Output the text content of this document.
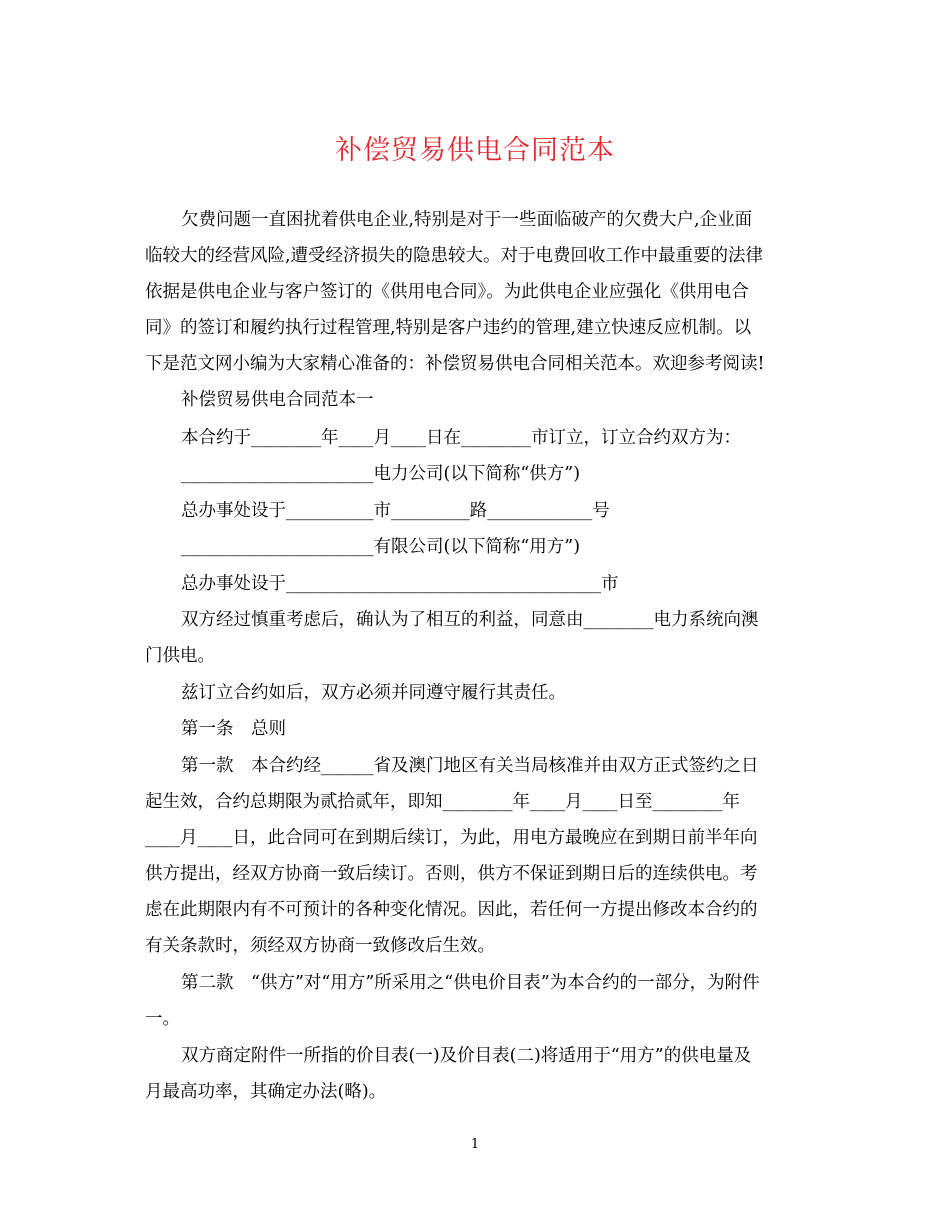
补偿贸易供电合同范本
欠费问题一直困扰着供电企业,特别是对于一些面临破产的欠费大户,企业面
临较大的经营风险,遭受经济损失的隐患较大。对于电费回收工作中最重要的法律
依据是供电企业与客户签订的《供用电合同》。为此供电企业应强化《供用电合
同》的签订和履约执行过程管理,特别是客户违约的管理,建立快速反应机制。以
下是范文网小编为大家精心准备的：补偿贸易供电合同相关范本。欢迎参考阅读!
补偿贸易供电合同范本一
本合约于________年____月____日在________市订立，订立合约双方为：
______________________电力公司(以下简称“供方”)
总办事处设于__________市_________路____________号
______________________有限公司(以下简称“用方”)
总办事处设于____________________________________市
双方经过慎重考虑后，确认为了相互的利益，同意由________电力系统向澳
门供电。
兹订立合约如后，双方必须并同遵守履行其责任。
第一条　总则
第一款　本合约经______省及澳门地区有关当局核准并由双方正式签约之日
起生效，合约总期限为贰拾贰年，即知________年____月____日至________年
____月____日，此合同可在到期后续订，为此，用电方最晚应在到期日前半年向
供方提出，经双方协商一致后续订。否则，供方不保证到期日后的连续供电。考
虑在此期限内有不可预计的各种变化情况。因此，若任何一方提出修改本合约的
有关条款时，须经双方协商一致修改后生效。
第二款　“供方”对“用方”所采用之“供电价目表”为本合约的一部分，为附件
一。
双方商定附件一所指的价目表(一)及价目表(二)将适用于“用方”的供电量及
月最高功率，其确定办法(略)。
1
